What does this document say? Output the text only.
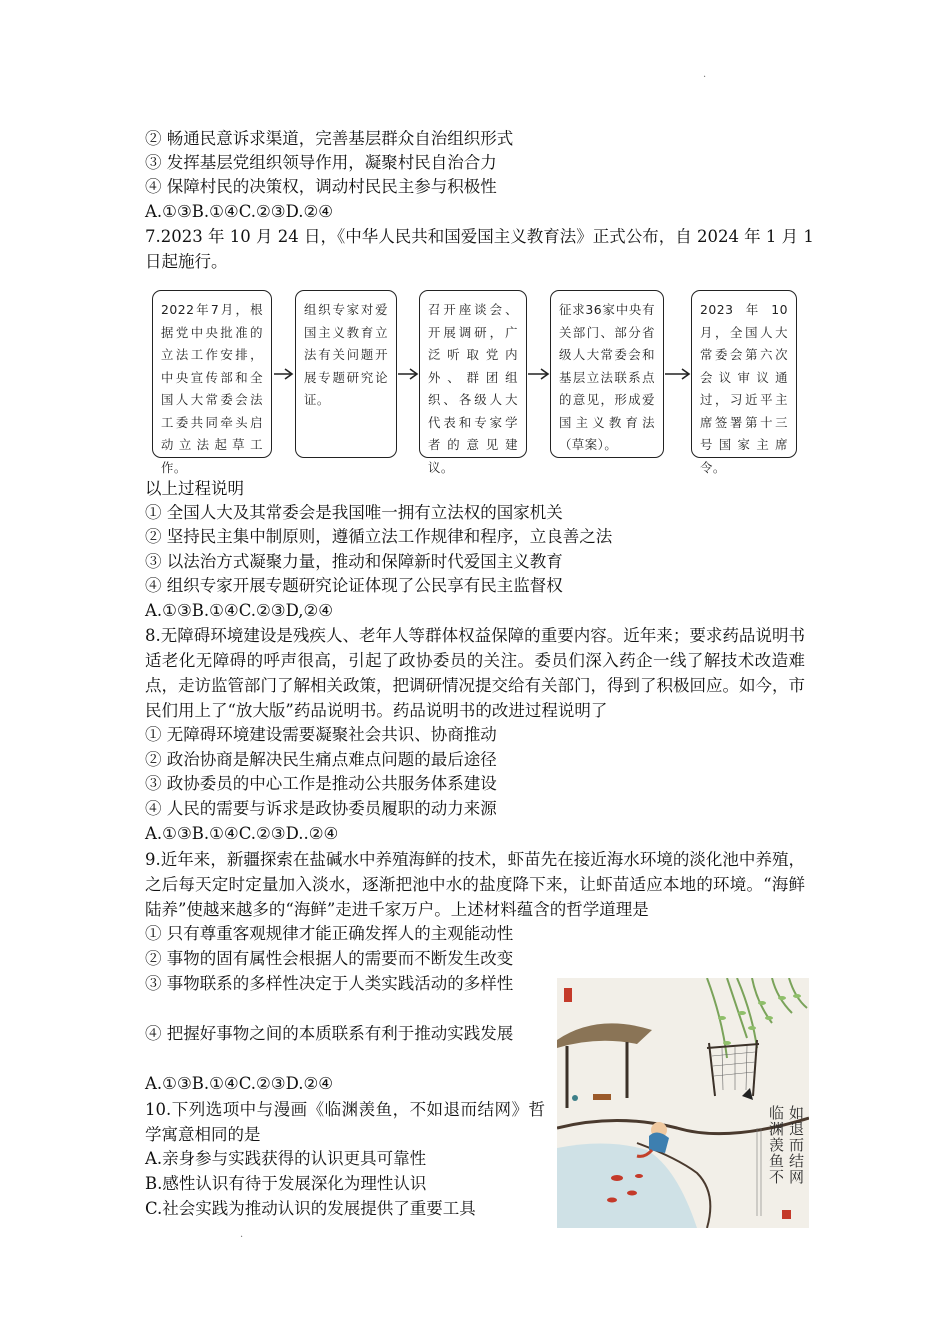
·
② 畅通民意诉求渠道，完善基层群众自治组织形式
③ 发挥基层党组织领导作用，凝聚村民自治合力
④ 保障村民的决策权，调动村民民主参与积极性
A.①③B.①④C.②③D.②④
7.2023 年 10 月 24 日，《中华人民共和国爱国主义教育法》正式公布，自 2024 年 1 月 1
日起施行。
2022年7月，根据党中央批准的立法工作安排，中央宣传部和全国人大常委会法工委共同牵头启动立法起草工作。
组织专家对爱国主义教育立法有关问题开展专题研究论证。
召开座谈会、开展调研，广泛听取党内外、群团组织、各级人大代表和专家学者的意见建议。
征求36家中央有关部门、部分省级人大常委会和基层立法联系点的意见，形成爱国主义教育法（草案）。
2023年10月，全国人大常委会第六次会议审议通过，习近平主席签署第十三号国家主席令。
以上过程说明
① 全国人大及其常委会是我国唯一拥有立法权的国家机关
② 坚持民主集中制原则，遵循立法工作规律和程序，立良善之法
③ 以法治方式凝聚力量，推动和保障新时代爱国主义教育
④ 组织专家开展专题研究论证体现了公民享有民主监督权
A.①③B.①④C.②③D,②④
8.无障碍环境建设是残疾人、老年人等群体权益保障的重要内容。近年来；要求药品说明书适老化无障碍的呼声很高，引起了政协委员的关注。委员们深入药企一线了解技术改造难点，走访监管部门了解相关政策，把调研情况提交给有关部门，得到了积极回应。如今，市民们用上了“放大版”药品说明书。药品说明书的改进过程说明了
① 无障碍环境建设需要凝聚社会共识、协商推动
② 政治协商是解决民生痛点难点问题的最后途径
③ 政协委员的中心工作是推动公共服务体系建设
④ 人民的需要与诉求是政协委员履职的动力来源
A.①③B.①④C.②③D..②④
9.近年来，新疆探索在盐碱水中养殖海鲜的技术，虾苗先在接近海水环境的淡化池中养殖，之后每天定时定量加入淡水，逐渐把池中水的盐度降下来，让虾苗适应本地的环境。“海鲜陆养”使越来越多的“海鲜”走进千家万户。上述材料蕴含的哲学道理是
① 只有尊重客观规律才能正确发挥人的主观能动性
② 事物的固有属性会根据人的需要而不断发生改变
③ 事物联系的多样性决定于人类实践活动的多样性
④ 把握好事物之间的本质联系有利于推动实践发展
A.①③B.①④C.②③D.②④
10.下列选项中与漫画《临渊羡鱼，不如退而结网》哲学寓意相同的是
A.亲身参与实践获得的认识更具可靠性
B.感性认识有待于发展深化为理性认识
C.社会实践为推动认识的发展提供了重要工具
临
渊
羡
鱼
不
如
退
而
结
网
·
